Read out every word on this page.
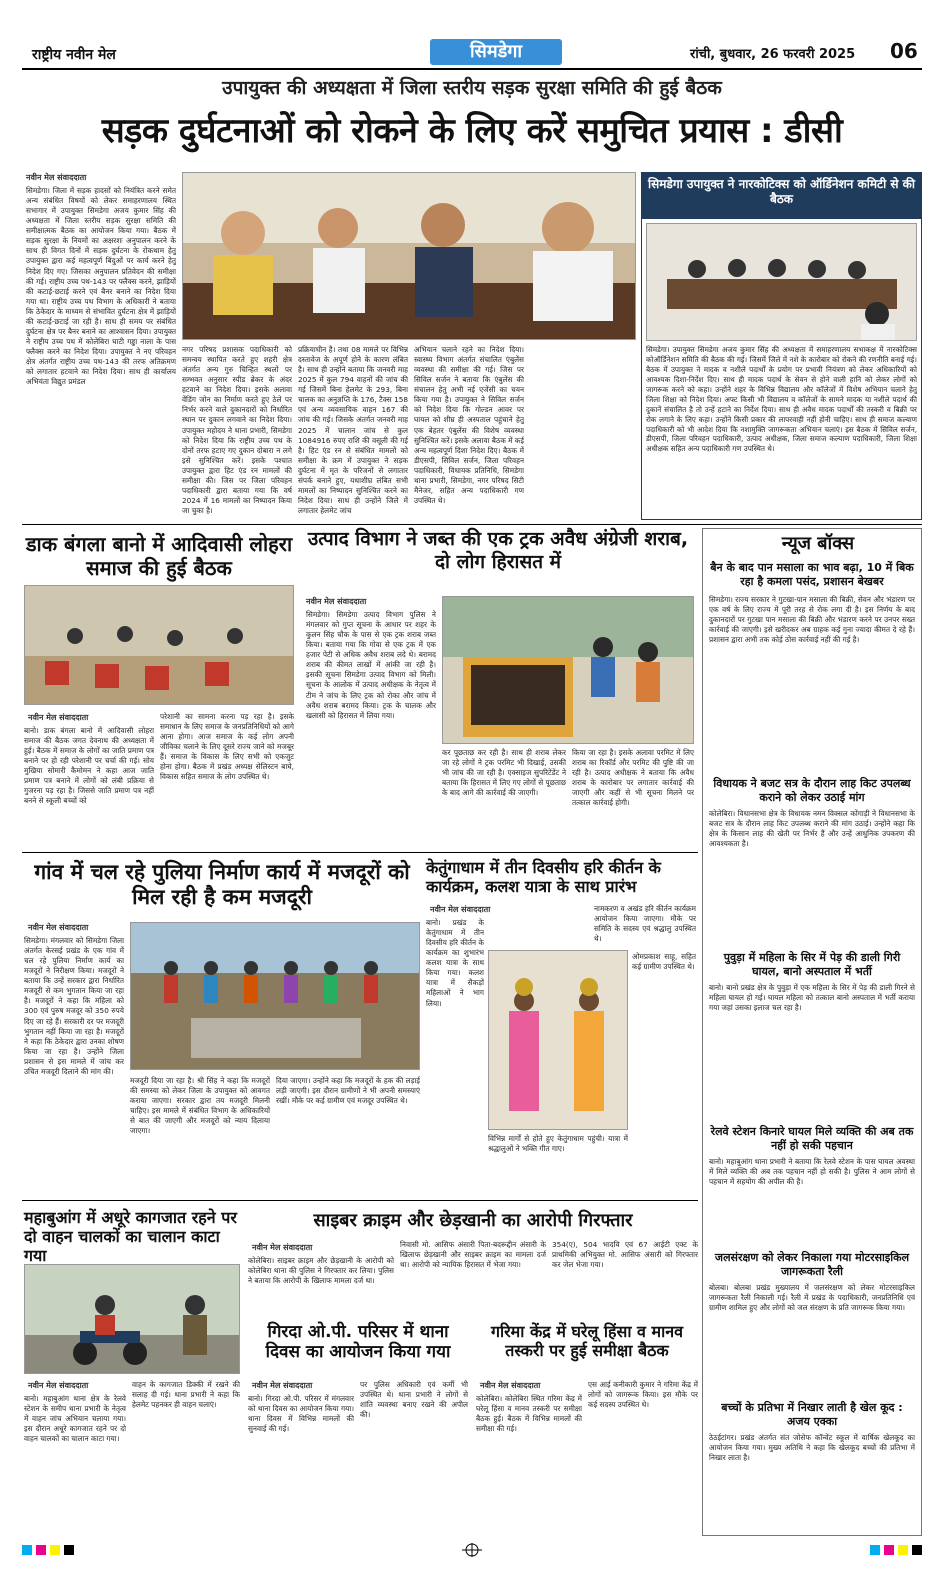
राष्ट्रीय नवीन मेल	सिमडेगा	रांची, बुधवार, 26 फरवरी 2025 06
उपायुक्त की अध्यक्षता में जिला स्तरीय सड़क सुरक्षा समिति की हुई बैठक
सड़क दुर्घटनाओं को रोकने के लिए करें समुचित प्रयास : डीसी
नवीन मेल संवाददाता
सिमडेगा। जिला में सड़क हादसों को नियंत्रित करने समेत अन्य संबंधित विषयों को लेकर समाहरणालय स्थित सभागार में उपायुक्त सिमडेगा अजय कुमार सिंह की अध्यक्षता में जिला स्तरीय सड़क सुरक्षा समिति की समीक्षात्मक बैठक का आयोजन किया गया। बैठक में सड़क सुरक्षा के नियमों का अक्षरशः अनुपालन करने के साथ ही विगत दिनों में सड़क दुर्घटना के रोकथाम हेतु उपायुक्त द्वारा कई महत्वपूर्ण बिंदुओं पर कार्य करने हेतु निदेश दिए गए। जिसका अनुपालन प्रतिवेदन की समीक्षा की गई। राष्ट्रीय उच्च पथ-143 पर फ्लैक्स करने, झाड़ियों की कटाई-छटाई करने एवं बैनर बनाने का निदेश दिया गया था। राष्ट्रीय उच्च पथ विभाग के अधिकारी ने बताया कि ठेकेदार के माध्यम से संभावित दुर्घटना क्षेत्र में झाड़ियों की कटाई-छटाई जा रही है। साथ ही समय पर संबंधित दुर्घटना क्षेत्र पर बैनर बनाने का आश्वासन दिया। उपायुक्त ने राष्ट्रीय उच्च पथ में कोलेबिरा घाटी गड्ढा नाला के पास फ्लैक्स करने का निदेश दिया। उपायुक्त ने नए परिवहन क्षेत्र अंतर्गत राष्ट्रीय उच्च पथ-143 की तरफ अतिक्रमण को लगातार हटवाने का निदेश दिया। साथ ही कार्यालय अभियंता विद्युत प्रमंडल
नगर परिषद प्रशासक पदाधिकारी को समन्वय स्थापित करते हुए शहरी क्षेत्र अंतर्गत अन्य गुरु चिन्हित स्थलों पर सम्भवत अनुसार स्पीड ब्रेकर के अंदर हटवाने का निदेश दिया। इसके अलावा वेंडिंग जोन का निर्माण करते हुए ठेले पर निर्भर करने वाले दुकानदारों को निर्धारित स्थान पर दुकान लगवाने का निदेश दिया। उपायुक्त महोदय ने थाना प्रभारी, सिमडेगा को निदेश दिया कि राष्ट्रीय उच्च पथ के दोनों तरफ हटाए गए दुकान दोबारा न लगे इसे सुनिश्चित करें। इसके पश्चात उपायुक्त द्वारा हिट एंड रन मामलों की समीक्षा की। जिस पर जिला परिवहन पदाधिकारी द्वारा बताया गया कि वर्ष 2024 में 16 मामलों का निष्पादन किया जा चुका है।
प्रक्रियाधीन है। तथा 08 मामले पर विभिन्न दस्तावेज के अपूर्ण होने के कारण लंबित है। साथ ही उन्होंने बताया कि जनवरी माह 2025 में कुल 794 वाहनों की जांच की गई जिसमें बिना हेलमेट के 293, बिना चालक का अनुज्ञप्ति के 176, टैक्स 158 एवं अन्य व्यवसायिक वाहन 167 की जांच की गई। जिसके अंतर्गत जनवरी माह 2025 में चालान जांच से कुल 1084916 रुपए राशि की वसूली की गई है। हिट एंड रन से संबंधित मामलों को समीक्षा के क्रम में उपायुक्त ने सड़क दुर्घटना में मृत के परिजनों से लगातार संपर्क बनाने हुए, यथाशीघ्र लंबित सभी मामलों का निष्पादन सुनिश्चित करने का निदेश दिया। साथ ही उन्होंने जिले में लगातार हेलमेट जांच
अभियान चलाने रहने का निदेश दिया। स्वास्थ्य विभाग अंतर्गत संचालित एंबुलेंस व्यवस्था की समीक्षा की गई। जिस पर सिविल सर्जन ने बताया कि एंबुलेंस की संचालन हेतु अभी नई एजेंसी का चयन किया गया है। उपायुक्त ने सिविल सर्जन को निदेश दिया कि गोल्डन आवर पर घायल को शीघ्र ही अस्पताल पहुंचाने हेतु एक बेहतर एंबुलेंस की विशेष व्यवस्था सुनिश्चित करें। इसके अलावा बैठक में कई अन्य महत्वपूर्ण दिशा निदेश दिए। बैठक में डीएसपी, सिविल सर्जन, जिला परिवहन पदाधिकारी, विधायक प्रतिनिधि, सिमडेगा थाना प्रभारी, सिमडेगा, नगर परिषद सिटी मैनेजर, सहित अन्य पदाधिकारी गण उपस्थित थे।
सिमडेगा उपायुक्त ने नारकोटिक्स को ऑर्डिनेशन कमिटी से की बैठक
सिमडेगा। उपायुक्त सिमडेगा अजय कुमार सिंह की अध्यक्षता में समाहरणालय सभाकक्ष में नारकोटिक्स कोऑर्डिनेशन समिति की बैठक की गई। जिसमें जिले में नशे के कारोबार को रोकने की रणनीति बनाई गई। बैठक में उपायुक्त ने मादक व नशीले पदार्थों के प्रयोग पर प्रभावी नियंत्रण को लेकर अधिकारियों को आवश्यक दिशा-निर्देश दिए। साथ ही मादक पदार्थ के सेवन से होने वाली हानि को लेकर लोगों को जागरूक करने को कहा। उन्होंने शहर के विभिन्न विद्यालय और कॉलेजों में विशेष अभियान चलाने हेतु जिला शिक्षा को निदेश दिया। अफ्ट किसी भी विद्यालय व कॉलेजों के सामने मादक या नशीले पदार्थ की दुकानें संचालित है तो उन्हें हटाने का निर्देश दिया। साथ ही अवैध मादक पदार्थों की तस्करी व बिक्री पर रोक लगाने के लिए कहा। उन्होंने किसी प्रकार की लापरवाही नहीं होनी चाहिए। साथ ही समाज कल्याण पदाधिकारी को भी आदेश दिया कि नशामुक्ति जागरूकता अभियान चलाएं। इस बैठक में सिविल सर्जन, डीएसपी, जिला परिवहन पदाधिकारी, उत्पाद अधीक्षक, जिला समाज कल्याण पदाधिकारी, जिला शिक्षा अधीक्षक सहित अन्य पदाधिकारी गण उपस्थित थे।
डाक बंगला बानो में आदिवासी लोहरा समाज की हुई बैठक
नवीन मेल संवाददाता
बानो। डाक बंगला बानो में आदिवासी लोहरा समाज की बैठक जगत देवनाथ की अध्यक्षता में हुई। बैठक में समाज के लोगों का जाति प्रमाण पत्र बनाने पर हो रही परेशानी पर चर्चा की गई। सोय मुखिया सोमारी कैमोमन ने कहा आज जाति प्रमाण पत्र बनाने में लोगों को लंबी प्रक्रिया से गुजरना पड़ रहा है। जिससे जाति प्रमाण पत्र नहीं बनने से स्कूली बच्चों को
परेशानी का सामना करना पड़ रहा है। इसके समाधान के लिए समाज के जनप्रतिनिधियों को आगे आना होगा। आज समाज के कई लोग अपनी जीविका चलाने के लिए दूसरे राज्य जाने को मजबूर हैं। समाज के विकास के लिए सभी को एकजुट होना होगा। बैठक में प्रखंड अध्यक्ष सेलिस्टन बाघे, विकास सहित समाज के लोग उपस्थित थे।
उत्पाद विभाग ने जब्त की एक ट्रक अवैध अंग्रेजी शराब, दो लोग हिरासत में
नवीन मेल संवाददाता
सिमडेगा। सिमडेगा उत्पाद विभाग पुलिस ने मंगलवार को गुप्त सूचना के आधार पर शहर के कुलन सिंह चौक के पास से एक ट्रक शराब जब्त किया। बताया गया कि गोवा से एक ट्रक में एक हजार पेटी से अधिक अवैध शराब लदे थे। बरामद शराब की कीमत लाखों में आंकी जा रही है। इसकी सूचना सिमडेगा उत्पाद विभाग को मिली। सूचना के आलोक में उत्पाद अधीक्षक के नेतृत्व में टीम ने जांच के लिए ट्रक को रोका और जांच में अवैध शराब बरामद किया। ट्रक के चालक और खलासी को हिरासत में लिया गया।
कर पूछताछ कर रही है। साथ ही शराब लेकर जा रहे लोगों ने ट्रक परमिट भी दिखाई, उसकी भी जांच की जा रही है। एक्साइज सुपरिटेंडेंट ने बताया कि हिरासत में लिए गए लोगों से पूछताछ के बाद आगे की कार्रवाई की जाएगी।
किया जा रहा है। इसके अलावा परमिट में लिए शराब का रिकॉर्ड और परमिट की पुष्टि की जा रही है। उत्पाद अधीक्षक ने बताया कि अवैध शराब के कारोबार पर लगातार कार्रवाई की जाएगी और कहीं से भी सूचना मिलने पर तत्काल कार्रवाई होगी।
न्यूज बॉक्स
बैन के बाद पान मसाला का भाव बढ़ा, 10 में बिक रहा है कमला पसंद, प्रशासन बेखबर
सिमडेगा। राज्य सरकार ने गुटखा-पान मसाला की बिक्री, सेवन और भंडारण पर एक वर्ष के लिए राज्य में पूरी तरह से रोक लगा दी है। इस निर्णय के बाद दुकानदारों पर गुटखा पान मसाला की बिक्री और भंडारण करने पर उनपर सख्त कार्रवाई की जाएगी। इसे खरीदकर अब ग्राहक कई गुना ज्यादा कीमत दे रहे हैं। प्रशासन द्वारा अभी तक कोई ठोस कार्रवाई नहीं की गई है।
विधायक ने बजट सत्र के दौरान लाह किट उपलब्ध कराने को लेकर उठाई मांग
कोलेबिरा। विधानसभा क्षेत्र के विधायक नमन विक्सल कोंगाड़ी ने विधानसभा के बजट सत्र के दौरान लाह किट उपलब्ध कराने की मांग उठाई। उन्होंने कहा कि क्षेत्र के किसान लाह की खेती पर निर्भर हैं और उन्हें आधुनिक उपकरण की आवश्यकता है।
पुवुड़ा में महिला के सिर में पेड़ की डाली गिरी घायल, बानो अस्पताल में भर्ती
बानो। बानो प्रखंड क्षेत्र के पुवुड़ा में एक महिला के सिर में पेड़ की डाली गिरने से महिला घायल हो गई। घायल महिला को तत्काल बानो अस्पताल में भर्ती कराया गया जहां उसका इलाज चल रहा है।
रेलवे स्टेशन किनारे घायल मिले व्यक्ति की अब तक नहीं हो सकी पहचान
बानो। महाबुआंग थाना प्रभारी ने बताया कि रेलवे स्टेशन के पास घायल अवस्था में मिले व्यक्ति की अब तक पहचान नहीं हो सकी है। पुलिस ने आम लोगों से पहचान में सहयोग की अपील की है।
जलसंरक्षण को लेकर निकाला गया मोटरसाइकिल जागरूकता रैली
बोलबा। बोलबा प्रखंड मुख्यालय में जलसंरक्षण को लेकर मोटरसाइकिल जागरूकता रैली निकाली गई। रैली में प्रखंड के पदाधिकारी, जनप्रतिनिधि एवं ग्रामीण शामिल हुए और लोगों को जल संरक्षण के प्रति जागरूक किया गया।
बच्चों के प्रतिभा में निखार लाती है खेल कूद : अजय एक्का
ठेठईटांगर। प्रखंड अंतर्गत संत जोसेफ कॉन्वेंट स्कूल में वार्षिक खेलकूद का आयोजन किया गया। मुख्य अतिथि ने कहा कि खेलकूद बच्चों की प्रतिभा में निखार लाता है।
गांव में चल रहे पुलिया निर्माण कार्य में मजदूरों को मिल रही है कम मजदूरी
नवीन मेल संवाददाता
सिमडेगा। मंगलवार को सिमडेगा जिला अंतर्गत केरसई प्रखंड के एक गांव में चल रहे पुलिया निर्माण कार्य का मजदूरों ने निरीक्षण किया। मजदूरों ने बताया कि उन्हें सरकार द्वारा निर्धारित मजदूरी से कम भुगतान किया जा रहा है। मजदूरों ने कहा कि महिला को 300 एवं पुरुष मजदूर को 350 रुपये दिए जा रहे हैं। सरकारी दर पर मजदूरी भुगतान नहीं किया जा रहा है। मजदूरों ने कहा कि ठेकेदार द्वारा उनका शोषण किया जा रहा है। उन्होंने जिला प्रशासन से इस मामले में जांच कर उचित मजदूरी दिलाने की मांग की।
मजदूरी दिया जा रहा है। श्री सिंह ने कहा कि मजदूरों की समस्या को लेकर जिला के उपायुक्त को आवगत कराया जाएगा। सरकार द्वारा तय मजदूरी मिलनी चाहिए। इस मामले में संबंधित विभाग के अधिकारियों से बात की जाएगी और मजदूरों को न्याय दिलाया जाएगा।
दिया जाएगा। उन्होंने कहा कि मजदूरों के हक की लड़ाई लड़ी जाएगी। इस दौरान ग्रामीणों ने भी अपनी समस्याएं रखीं। मौके पर कई ग्रामीण एवं मजदूर उपस्थित थे।
केतुंगाधाम में तीन दिवसीय हरि कीर्तन के कार्यक्रम, कलश यात्रा के साथ प्रारंभ
नवीन मेल संवाददाता
बानो। प्रखंड के केतुंगाधाम में तीन दिवसीय हरि कीर्तन के कार्यक्रम का शुभारंभ कलश यात्रा के साथ किया गया। कलश यात्रा में सैकड़ों महिलाओं ने भाग लिया।
नामकरण व अखंड हरि कीर्तन कार्यक्रम आयोजन किया जाएगा। मौके पर समिति के सदस्य एवं श्रद्धालु उपस्थित थे।
विभिन्न मार्गों से होते हुए केतुंगाधाम पहुंची। यात्रा में श्रद्धालुओं ने भक्ति गीत गाए।
ओमप्रकाश साहू, सहित कई ग्रामीण उपस्थित थे।
महाबुआंग में अधूरे कागजात रहने पर दो वाहन चालकों का चालान काटा गया
नवीन मेल संवाददाता
बानो। महाबुआंग थाना क्षेत्र के रेलवे स्टेशन के समीप थाना प्रभारी के नेतृत्व में वाहन जांच अभियान चलाया गया। इस दौरान अधूरे कागजात रहने पर दो वाहन चालकों का चालान काटा गया।
वाहन के कागजात डिक्की में रखने की सलाह दी गई। थाना प्रभारी ने कहा कि हेलमेट पहनकर ही वाहन चलाएं।
साइबर क्राइम और छेड़खानी का आरोपी गिरफ्तार
नवीन मेल संवाददाता
कोलेबिरा। साइबर क्राइम और छेड़खानी के आरोपी को कोलेबिरा थाना की पुलिस ने गिरफ्तार कर लिया। पुलिस ने बताया कि आरोपी के खिलाफ मामला दर्ज था।
निवासी मो. आसिफ अंसारी पिता-बदरूद्दीन अंसारी के खिलाफ छेड़खानी और साइबर क्राइम का मामला दर्ज था। आरोपी को न्यायिक हिरासत में भेजा गया।
354(ए), 504 भादवि एवं 67 आईटी एक्ट के प्राथमिकी अभियुक्त मो. आसिफ अंसारी को गिरफ्तार कर जेल भेजा गया।
गिरदा ओ.पी. परिसर में थाना दिवस का आयोजन किया गया
नवीन मेल संवाददाता
बानो। गिरदा ओ.पी. परिसर में मंगलवार को थाना दिवस का आयोजन किया गया। थाना दिवस में विभिन्न मामलों की सुनवाई की गई।
पर पुलिस अधिकारी एवं कर्मी भी उपस्थित थे। थाना प्रभारी ने लोगों से शांति व्यवस्था बनाए रखने की अपील की।
गरिमा केंद्र में घरेलू हिंसा व मानव तस्करी पर हुई समीक्षा बैठक
नवीन मेल संवाददाता
कोलेबिरा। कोलेबिरा स्थित गरिमा केंद्र में घरेलू हिंसा व मानव तस्करी पर समीक्षा बैठक हुई। बैठक में विभिन्न मामलों की समीक्षा की गई।
एस आई कनीकारी कुमार ने गरिमा केंद्र में लोगों को जागरूक किया। इस मौके पर कई सदस्य उपस्थित थे।
